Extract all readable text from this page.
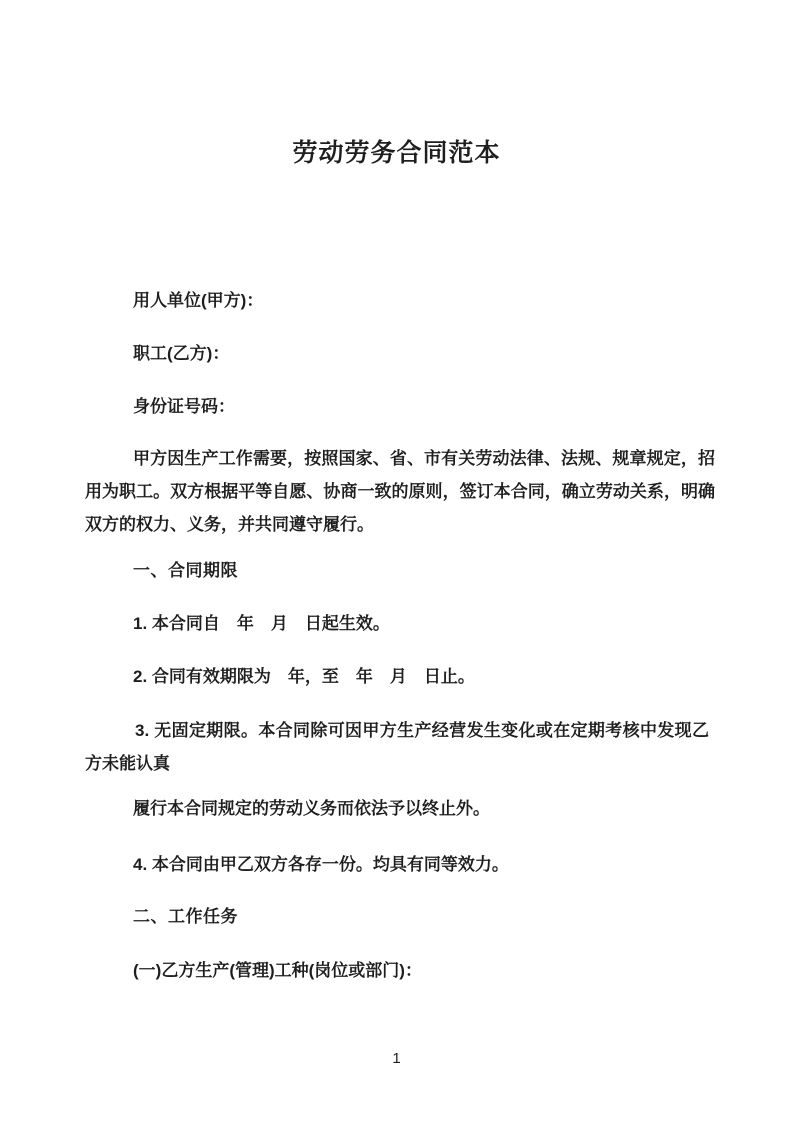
劳动劳务合同范本
用人单位(甲方)：
职工(乙方)：
身份证号码：
甲方因生产工作需要，按照国家、省、市有关劳动法律、法规、规章规定，招用为职工。双方根据平等自愿、协商一致的原则，签订本合同，确立劳动关系，明确双方的权力、义务，并共同遵守履行。
一、合同期限
1. 本合同自　年　月　日起生效。
2. 合同有效期限为　年，至　年　月　日止。
3. 无固定期限。本合同除可因甲方生产经营发生变化或在定期考核中发现乙方未能认真
履行本合同规定的劳动义务而依法予以终止外。
4. 本合同由甲乙双方各存一份。均具有同等效力。
二、工作任务
(一)乙方生产(管理)工种(岗位或部门)：
1
